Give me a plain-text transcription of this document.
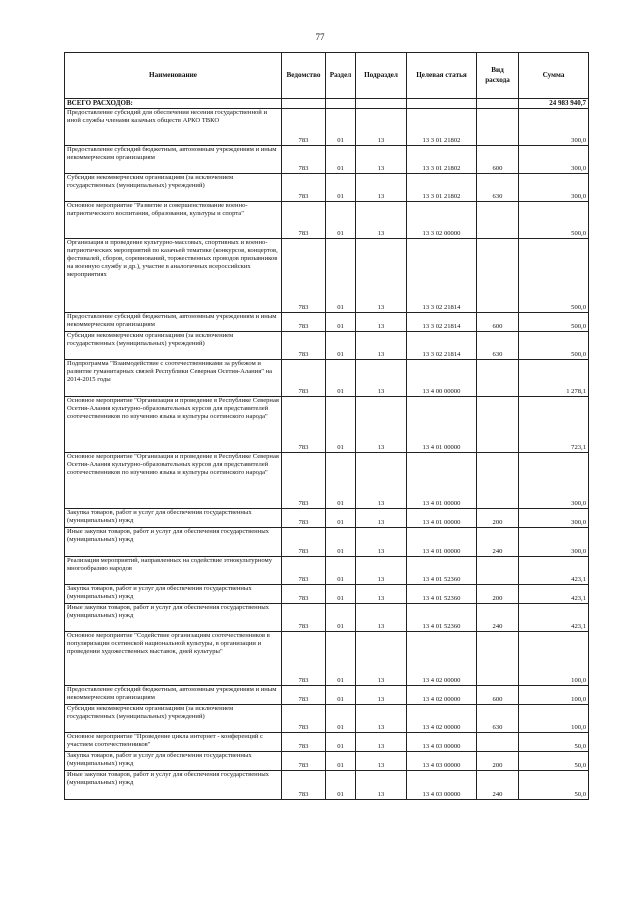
77
Наименование	Ведомство	Раздел	Подраздел	Целевая статья	Вид расхода	Сумма
ВСЕГО РАСХОДОВ:						24 983 940,7
Предоставление субсидий для обеспечения несения государственной и иной службы членами казачьих обществ АРКО ТВКО	783	01	13	13 3 01 21802		300,0
Предоставление субсидий бюджетным, автономным учреждениям и иным некоммерческим организациям	783	01	13	13 3 01 21802	600	300,0
Субсидии некоммерческим организациям (за исключением государственных (муниципальных) учреждений)	783	01	13	13 3 01 21802	630	300,0
Основное мероприятие "Развитие и совершенствование военно-патриотического воспитания, образования, культуры и спорта"	783	01	13	13 3 02 00000		500,0
Организация и проведение культурно-массовых, спортивных и военно-патриотических мероприятий по казачьей тематике (конкурсов, концертов, фестивалей, сборов, соревнований, торжественных проводов призывников на военную службу и др.), участие в аналогичных всероссийских мероприятиях	783	01	13	13 3 02 21814		500,0
Предоставление субсидий бюджетным, автономным учреждениям и иным некоммерческим организациям	783	01	13	13 3 02 21814	600	500,0
Субсидии некоммерческим организациям (за исключением государственных (муниципальных) учреждений)	783	01	13	13 3 02 21814	630	500,0
Подпрограмма "Взаимодействие с соотечественниками за рубежом и развитие гуманитарных связей Республики Северная Осетия-Алания" на 2014-2015 годы	783	01	13	13 4 00 00000		1 278,1
Основное мероприятие "Организация и проведение в Республике Северная Осетия-Алания культурно-образовательных курсов для представителей соотечественников по изучению языка и культуры осетинского народа"	783	01	13	13 4 01 00000		723,1
Основное мероприятие "Организация и проведение в Республике Северная Осетия-Алания культурно-образовательных курсов для представителей соотечественников по изучению языка и культуры осетинского народа"	783	01	13	13 4 01 00000		300,0
Закупка товаров, работ и услуг для обеспечения государственных (муниципальных) нужд	783	01	13	13 4 01 00000	200	300,0
Иные закупки товаров, работ и услуг для обеспечения государственных (муниципальных) нужд	783	01	13	13 4 01 00000	240	300,0
Реализация мероприятий, направленных на содействие этнокультурному многообразию народов	783	01	13	13 4 01 52360		423,1
Закупка товаров, работ и услуг для обеспечения государственных (муниципальных) нужд	783	01	13	13 4 01 52360	200	423,1
Иные закупки товаров, работ и услуг для обеспечения государственных (муниципальных) нужд	783	01	13	13 4 01 52360	240	423,1
Основное мероприятие "Содействие организациям соотечественников в популяризации осетинской национальной культуры, в организации и проведении художественных выставок, дней культуры"	783	01	13	13 4 02 00000		100,0
Предоставление субсидий бюджетным, автономным учреждениям и иным некоммерческим организациям	783	01	13	13 4 02 00000	600	100,0
Субсидии некоммерческим организациям (за исключением государственных (муниципальных) учреждений)	783	01	13	13 4 02 00000	630	100,0
Основное мероприятие "Проведение цикла интернет - конференций с участием соотечественников"	783	01	13	13 4 03 00000		50,0
Закупка товаров, работ и услуг для обеспечения государственных (муниципальных) нужд	783	01	13	13 4 03 00000	200	50,0
Иные закупки товаров, работ и услуг для обеспечения государственных (муниципальных) нужд	783	01	13	13 4 03 00000	240	50,0
